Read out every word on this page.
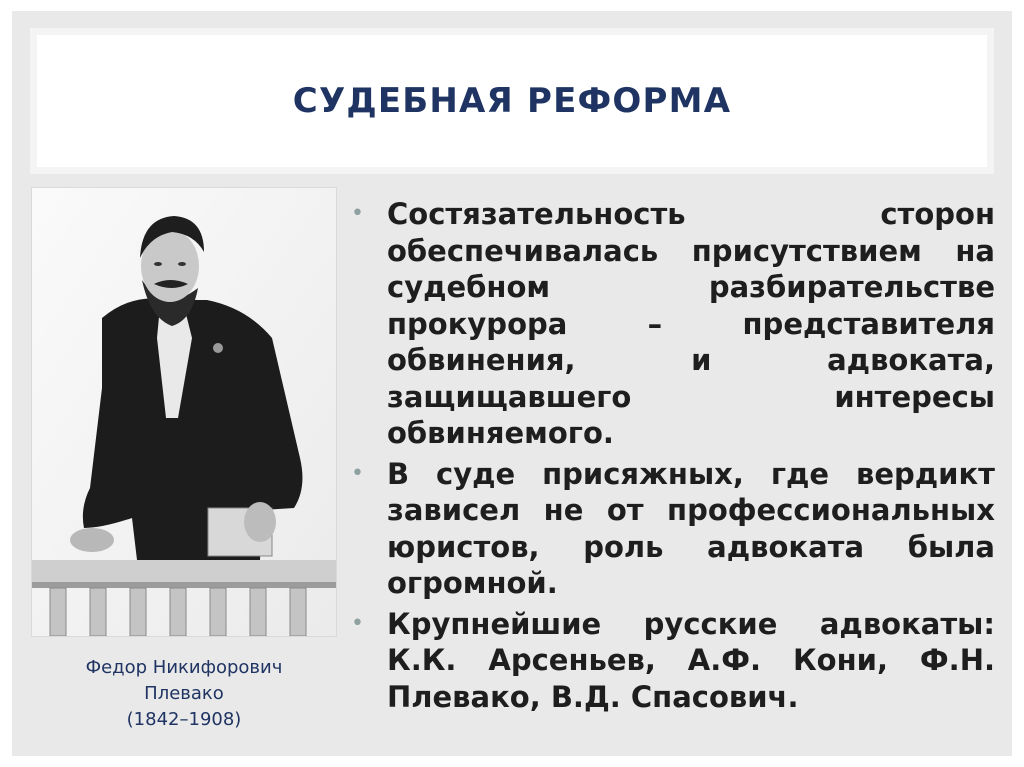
СУДЕБНАЯ РЕФОРМА
Федор Никифорович
Плевако
(1842–1908)
• Состязательность сторон обеспечивалась присутствием на судебном разбирательстве прокурора – представителя обвинения, и адвоката, защищавшего интересы обвиняемого.
• В суде присяжных, где вердикт зависел не от профессиональных юристов, роль адвоката была огромной.
• Крупнейшие русские адвокаты: К.К. Арсеньев, А.Ф. Кони, Ф.Н. Плевако, В.Д. Спасович.
